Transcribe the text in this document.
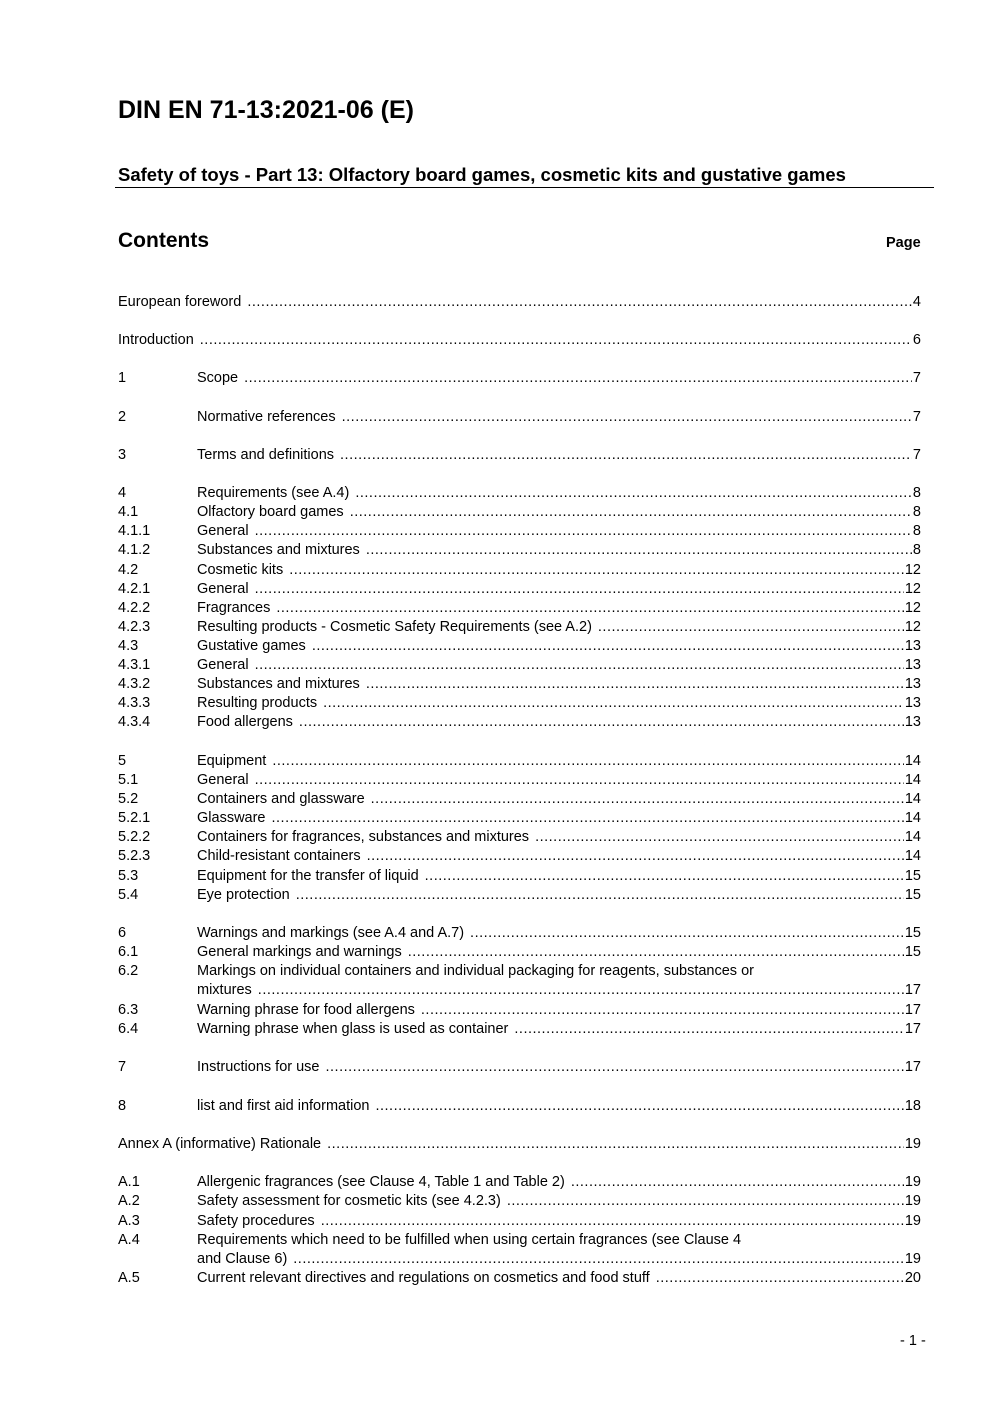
DIN EN 71-13:2021-06 (E)
Safety of toys - Part 13: Olfactory board games, cosmetic kits and gustative games
Contents	Page
European foreword .....	4
Introduction .....	6
1	Scope .....	7
2	Normative references .....	7
3	Terms and definitions .....	7
4	Requirements (see A.4) .....	8
4.1	Olfactory board games .....	8
4.1.1	General .....	8
4.1.2	Substances and mixtures .....	8
4.2	Cosmetic kits .....	12
4.2.1	General .....	12
4.2.2	Fragrances .....	12
4.2.3	Resulting products - Cosmetic Safety Requirements (see A.2) .....	12
4.3	Gustative games .....	13
4.3.1	General .....	13
4.3.2	Substances and mixtures .....	13
4.3.3	Resulting products .....	13
4.3.4	Food allergens .....	13
5	Equipment .....	14
5.1	General .....	14
5.2	Containers and glassware .....	14
5.2.1	Glassware .....	14
5.2.2	Containers for fragrances, substances and mixtures .....	14
5.2.3	Child-resistant containers .....	14
5.3	Equipment for the transfer of liquid .....	15
5.4	Eye protection .....	15
6	Warnings and markings (see A.4 and A.7) .....	15
6.1	General markings and warnings .....	15
6.2	Markings on individual containers and individual packaging for reagents, substances or
mixtures .....	17
6.3	Warning phrase for food allergens .....	17
6.4	Warning phrase when glass is used as container .....	17
7	Instructions for use .....	17
8	list and first aid information .....	18
Annex A (informative) Rationale .....	19
A.1	Allergenic fragrances (see Clause 4, Table 1 and Table 2) .....	19
A.2	Safety assessment for cosmetic kits (see 4.2.3) .....	19
A.3	Safety procedures .....	19
A.4	Requirements which need to be fulfilled when using certain fragrances (see Clause 4
and Clause 6) .....	19
A.5	Current relevant directives and regulations on cosmetics and food stuff .....	20
- 1 -
